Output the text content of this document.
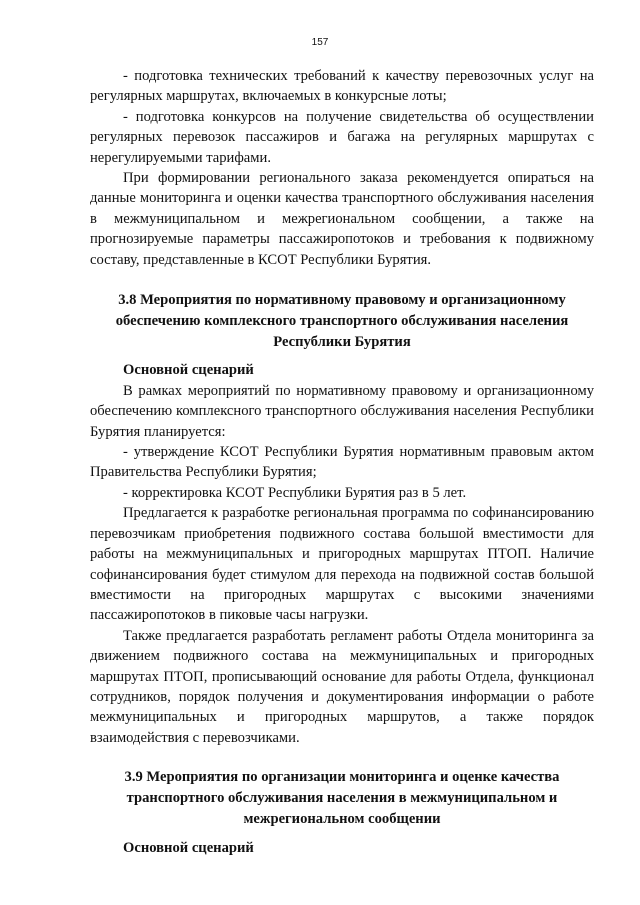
157

- подготовка технических требований к качеству перевозочных услуг на регулярных маршрутах, включаемых в конкурсные лоты;

- подготовка конкурсов на получение свидетельства об осуществлении регулярных перевозок пассажиров и багажа на регулярных маршрутах с нерегулируемыми тарифами.

При формировании регионального заказа рекомендуется опираться на данные мониторинга и оценки качества транспортного обслуживания населения в межмуниципальном и межрегиональном сообщении, а также на прогнозируемые параметры пассажиропотоков и требования к подвижному составу, представленные в КСОТ Республики Бурятия.

3.8 Мероприятия по нормативному правовому и организационному обеспечению комплексного транспортного обслуживания населения Республики Бурятия
Основной сценарий

В рамках мероприятий по нормативному правовому и организационному обеспечению комплексного транспортного обслуживания населения Республики Бурятия планируется:

- утверждение КСОТ Республики Бурятия нормативным правовым актом Правительства Республики Бурятия;

- корректировка КСОТ Республики Бурятия раз в 5 лет.

Предлагается к разработке региональная программа по софинансированию перевозчикам приобретения подвижного состава большой вместимости для работы на межмуниципальных и пригородных маршрутах ПТОП. Наличие софинансирования будет стимулом для перехода на подвижной состав большой вместимости на пригородных маршрутах с высокими значениями пассажиропотоков в пиковые часы нагрузки.

Также предлагается разработать регламент работы Отдела мониторинга за движением подвижного состава на межмуниципальных и пригородных маршрутах ПТОП, прописывающий основание для работы Отдела, функционал сотрудников, порядок получения и документирования информации о работе межмуниципальных и пригородных маршрутов, а также порядок взаимодействия с перевозчиками.

3.9 Мероприятия по организации мониторинга и оценке качества транспортного обслуживания населения в межмуниципальном и межрегиональном сообщении
Основной сценарий
